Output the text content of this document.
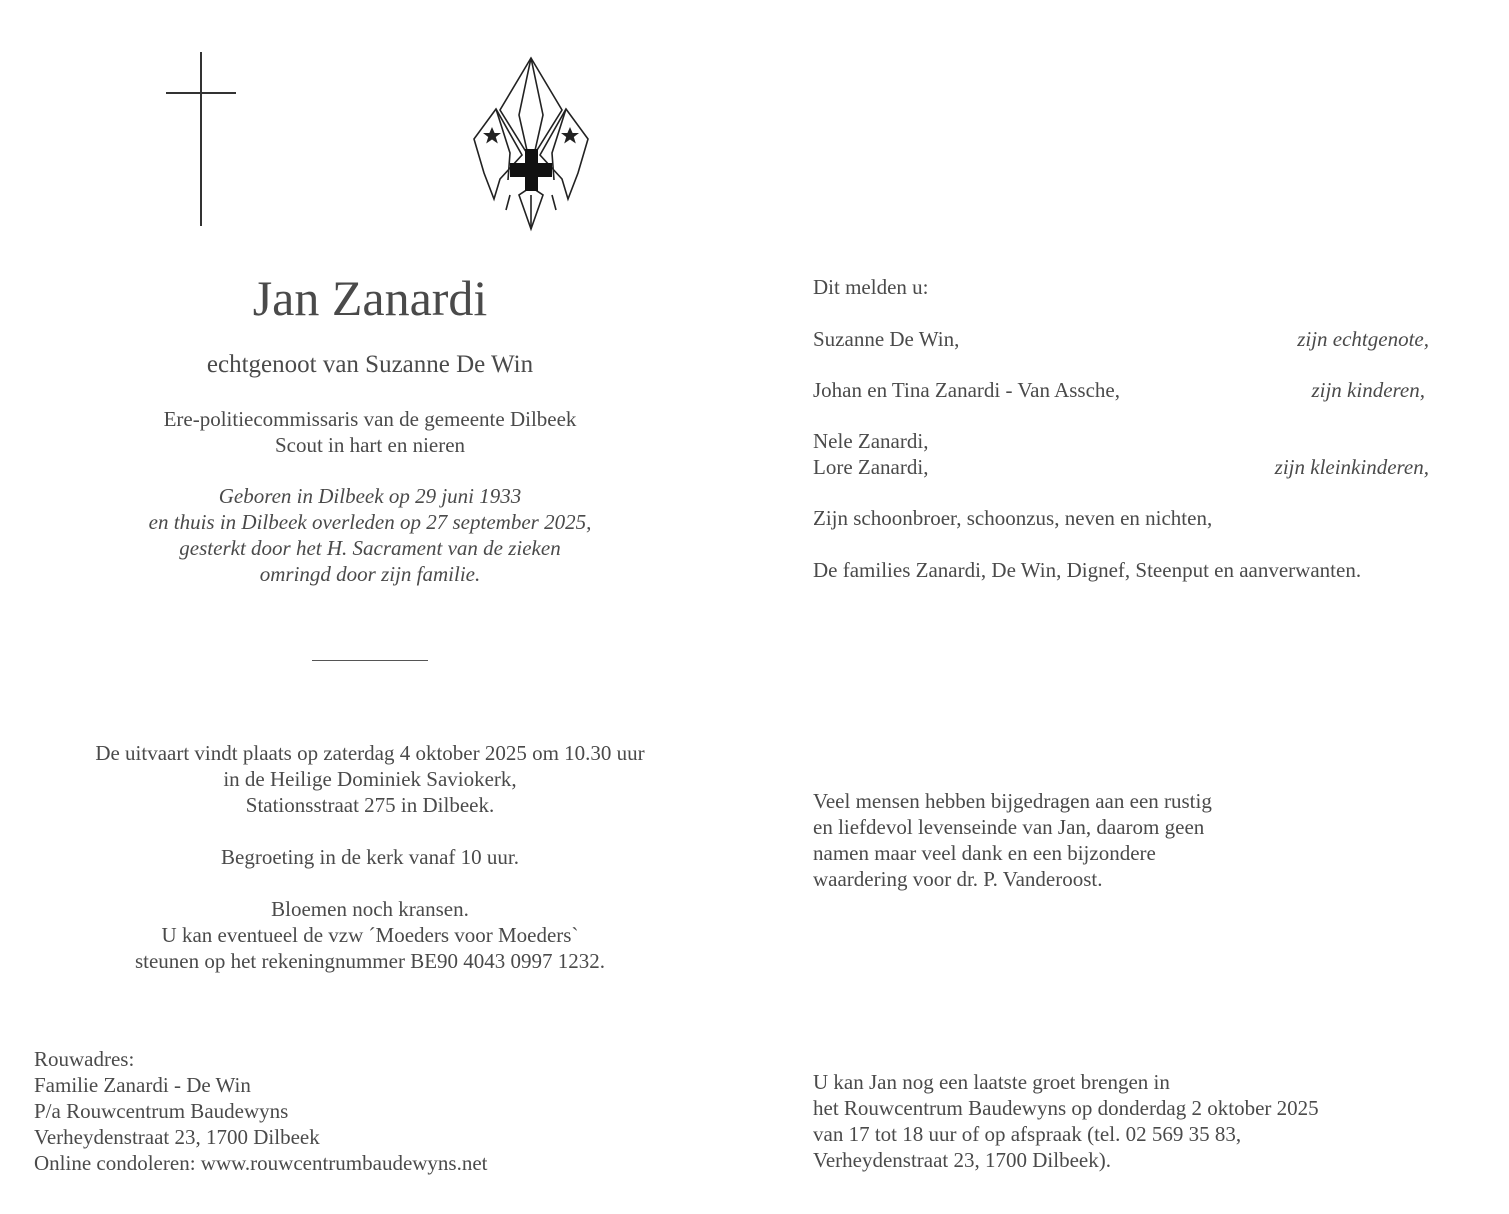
Jan Zanardi
echtgenoot van Suzanne De Win
Ere-politiecommissaris van de gemeente Dilbeek
Scout in hart en nieren
Geboren in Dilbeek op 29 juni 1933
en thuis in Dilbeek overleden op 27 september 2025,
gesterkt door het H. Sacrament van de zieken
omringd door zijn familie.
De uitvaart vindt plaats op zaterdag 4 oktober 2025 om 10.30 uur
in de Heilige Dominiek Saviokerk,
Stationsstraat 275 in Dilbeek.
Begroeting in de kerk vanaf 10 uur.
Bloemen noch kransen.
U kan eventueel de vzw ´Moeders voor Moeders`
steunen op het rekeningnummer BE90 4043 0997 1232.
Rouwadres:
Familie Zanardi - De Win
P/a Rouwcentrum Baudewyns
Verheydenstraat 23, 1700 Dilbeek
Online condoleren: www.rouwcentrumbaudewyns.net
Dit melden u:
Suzanne De Win,	zijn echtgenote,
Johan en Tina Zanardi - Van Assche,	zijn kinderen,
Nele Zanardi,
Lore Zanardi,	zijn kleinkinderen,
Zijn schoonbroer, schoonzus, neven en nichten,
De families Zanardi, De Win, Dignef, Steenput en aanverwanten.
Veel mensen hebben bijgedragen aan een rustig
en liefdevol levenseinde van Jan, daarom geen
namen maar veel dank en een bijzondere
waardering voor dr. P. Vanderoost.
U kan Jan nog een laatste groet brengen in
het Rouwcentrum Baudewyns op donderdag 2 oktober 2025
van 17 tot 18 uur of op afspraak (tel. 02 569 35 83,
Verheydenstraat 23, 1700 Dilbeek).
